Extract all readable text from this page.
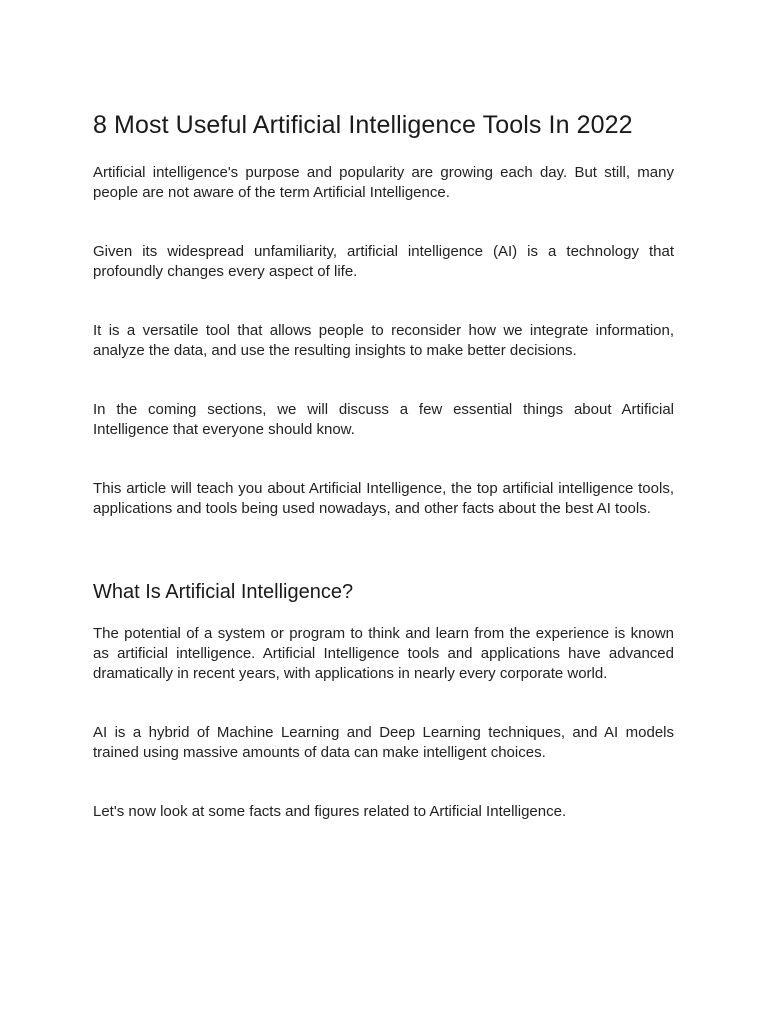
8 Most Useful Artificial Intelligence Tools In 2022

Artificial intelligence's purpose and popularity are growing each day. But still, many people are not aware of the term Artificial Intelligence.

Given its widespread unfamiliarity, artificial intelligence (AI) is a technology that profoundly changes every aspect of life.

It is a versatile tool that allows people to reconsider how we integrate information, analyze the data, and use the resulting insights to make better decisions.

In the coming sections, we will discuss a few essential things about Artificial Intelligence that everyone should know.

This article will teach you about Artificial Intelligence, the top artificial intelligence tools, applications and tools being used nowadays, and other facts about the best AI tools.

What Is Artificial Intelligence?

The potential of a system or program to think and learn from the experience is known as artificial intelligence. Artificial Intelligence tools and applications have advanced dramatically in recent years, with applications in nearly every corporate world.

AI is a hybrid of Machine Learning and Deep Learning techniques, and AI models trained using massive amounts of data can make intelligent choices.

Let's now look at some facts and figures related to Artificial Intelligence.
